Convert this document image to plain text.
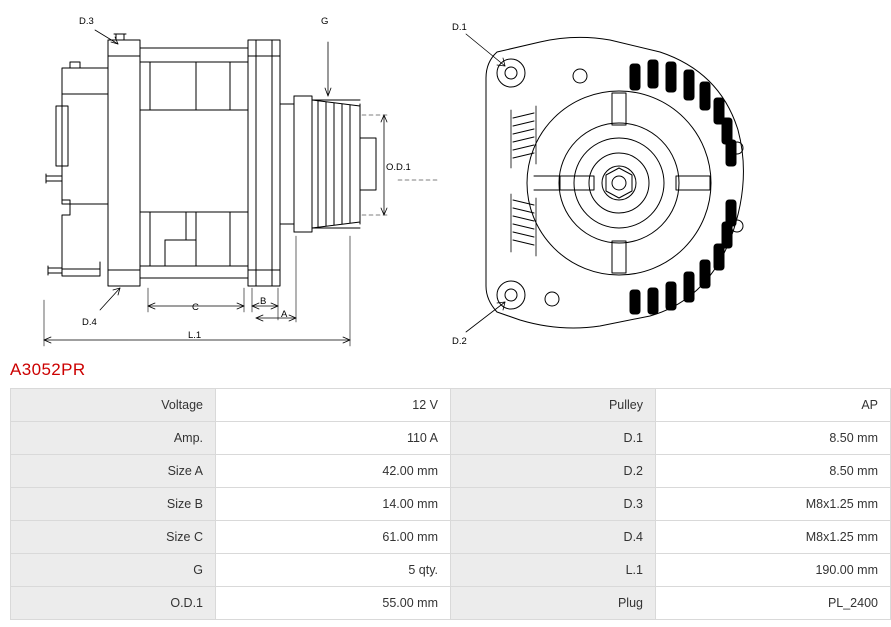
D.3	G
O.D.1
D.4
C
B
A
L.1
D.1
D.2
A3052PR
Voltage	12 V	Pulley	AP
Amp.	110 A	D.1	8.50 mm
Size A	42.00 mm	D.2	8.50 mm
Size B	14.00 mm	D.3	M8x1.25 mm
Size C	61.00 mm	D.4	M8x1.25 mm
G	5 qty.	L.1	190.00 mm
O.D.1	55.00 mm	Plug	PL_2400
